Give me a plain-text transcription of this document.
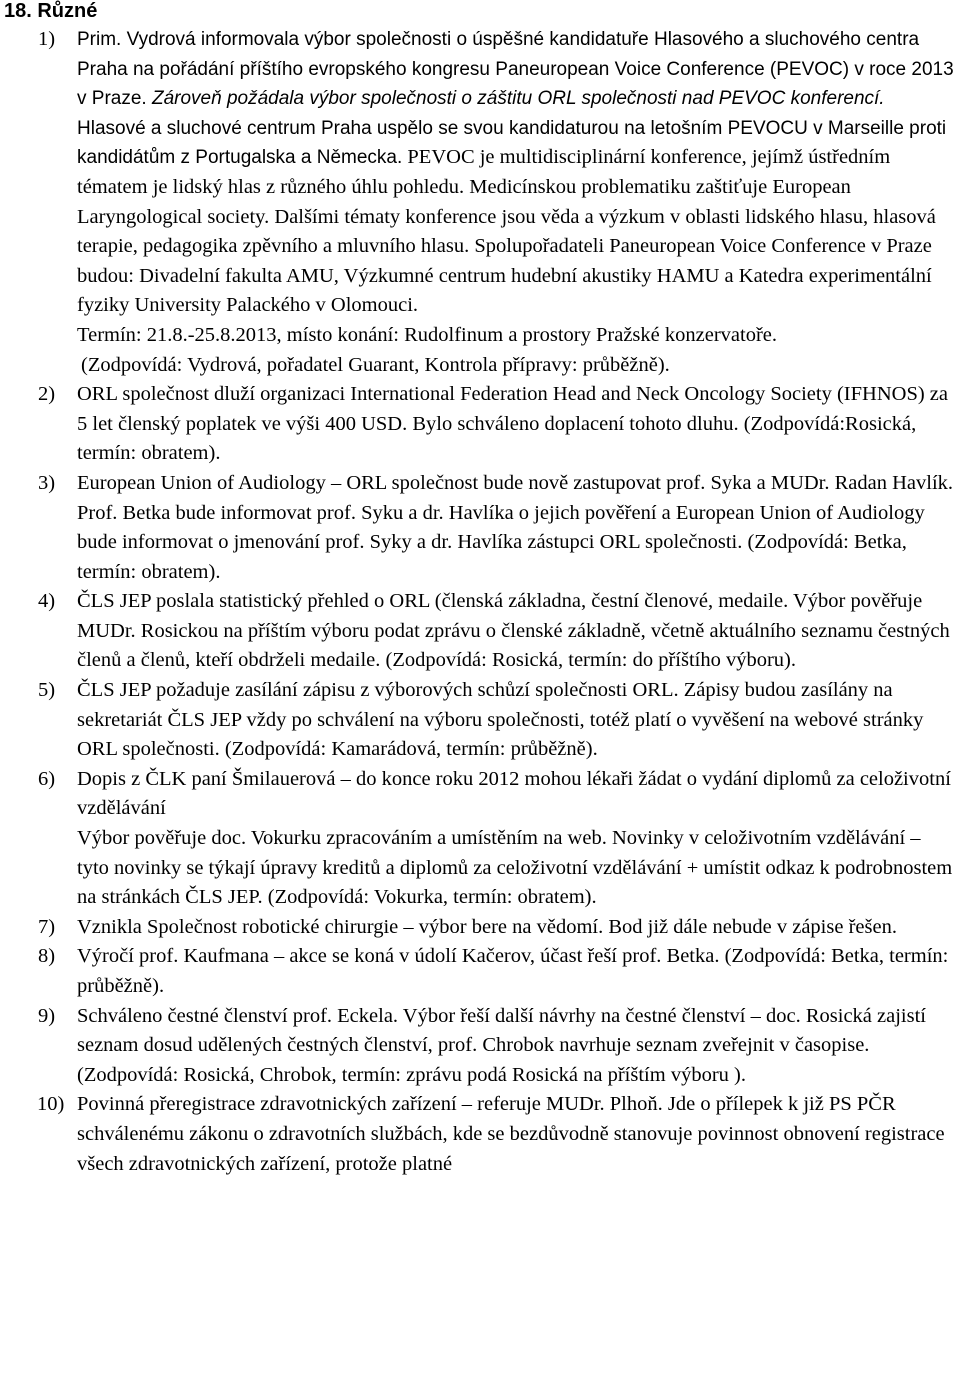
18. Různé
1) Prim. Vydrová informovala výbor společnosti o úspěšné kandidatuře Hlasového a sluchového centra Praha na pořádání příštího evropského kongresu Paneuropean Voice Conference (PEVOC) v roce 2013 v Praze. Zároveň požádala výbor společnosti o záštitu ORL společnosti nad PEVOC konferencí. Hlasové a sluchové centrum Praha uspělo se svou kandidaturou na letošním PEVOCU v Marseille proti kandidátům z Portugalska a Německa. PEVOC je multidisciplinární konference, jejímž ústředním tématem je lidský hlas z různého úhlu pohledu. Medicínskou problematiku zaštiťuje European Laryngological society. Dalšími tématy konference jsou věda a výzkum v oblasti lidského hlasu, hlasová terapie, pedagogika zpěvního a mluvního hlasu. Spolupořadateli Paneuropean Voice Conference v Praze budou: Divadelní fakulta AMU, Výzkumné centrum hudební akustiky HAMU a Katedra experimentální fyziky University Palackého v Olomouci.
Termín: 21.8.-25.8.2013, místo konání: Rudolfinum a prostory Pražské konzervatoře.
(Zodpovídá: Vydrová, pořadatel Guarant, Kontrola přípravy: průběžně).
2) ORL společnost dluží organizaci International Federation Head and Neck Oncology Society (IFHNOS) za 5 let členský poplatek ve výši 400 USD. Bylo schváleno doplacení tohoto dluhu. (Zodpovídá:Rosická, termín: obratem).
3) European Union of Audiology – ORL společnost bude nově zastupovat prof. Syka a MUDr. Radan Havlík. Prof. Betka bude informovat prof. Syku a dr. Havlíka o jejich pověření a European Union of Audiology bude informovat o jmenování prof. Syky a dr. Havlíka zástupci ORL společnosti. (Zodpovídá: Betka, termín: obratem).
4) ČLS JEP poslala statistický přehled o ORL (členská základna, čestní členové, medaile. Výbor pověřuje MUDr. Rosickou na příštím výboru podat zprávu o členské základně, včetně aktuálního seznamu čestných členů a členů, kteří obdrželi medaile. (Zodpovídá: Rosická, termín: do příštího výboru).
5) ČLS JEP požaduje zasílání zápisu z výborových schůzí společnosti ORL. Zápisy budou zasílány na sekretariát ČLS JEP vždy po schválení na výboru společnosti, totéž platí o vyvěšení na webové stránky ORL společnosti. (Zodpovídá: Kamarádová, termín: průběžně).
6) Dopis z ČLK paní Šmilauerová – do konce roku 2012 mohou lékaři žádat o vydání diplomů za celoživotní vzdělávání
Výbor pověřuje doc. Vokurku zpracováním a umístěním na web. Novinky v celoživotním vzdělávání – tyto novinky se týkají úpravy kreditů a diplomů za celoživotní vzdělávání + umístit odkaz k podrobnostem na stránkách ČLS JEP. (Zodpovídá: Vokurka, termín: obratem).
7) Vznikla Společnost robotické chirurgie – výbor bere na vědomí. Bod již dále nebude v zápise řešen.
8) Výročí prof. Kaufmana – akce se koná v údolí Kačerov, účast řeší prof. Betka. (Zodpovídá: Betka, termín: průběžně).
9) Schváleno čestné členství prof. Eckela. Výbor řeší další návrhy na čestné členství – doc. Rosická zajistí seznam dosud udělených čestných členství, prof. Chrobok navrhuje seznam zveřejnit v časopise. (Zodpovídá: Rosická, Chrobok, termín: zprávu podá Rosická na příštím výboru ).
10) Povinná přeregistrace zdravotnických zařízení – referuje MUDr. Plhoň. Jde o přílepek k již PS PČR schválenému zákonu o zdravotních službách, kde se bezdůvodně stanovuje povinnost obnovení registrace všech zdravotnických zařízení, protože platné
